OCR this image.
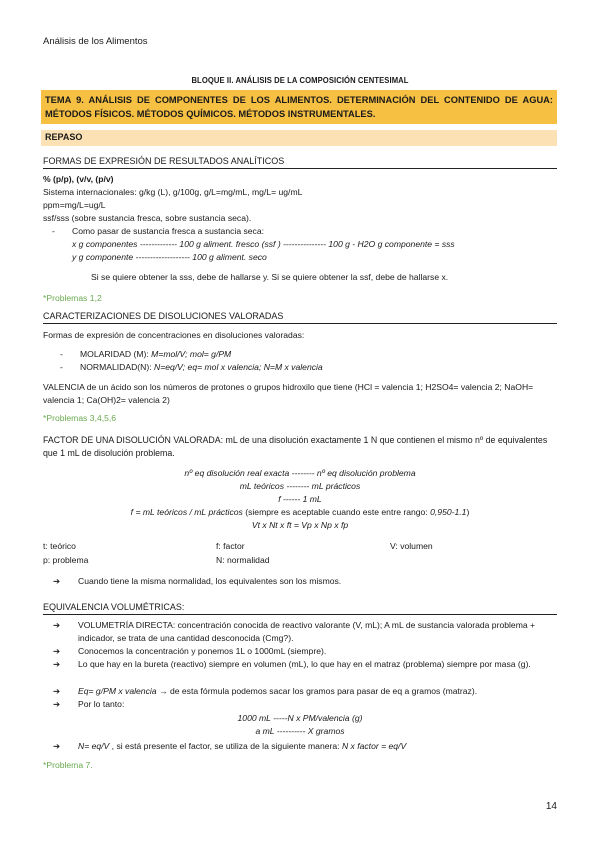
Análisis de los Alimentos
BLOQUE II. ANÁLISIS DE LA COMPOSICIÓN CENTESIMAL
TEMA 9. ANÁLISIS DE COMPONENTES DE LOS ALIMENTOS. DETERMINACIÓN DEL CONTENIDO DE AGUA: MÉTODOS FÍSICOS. MÉTODOS QUÍMICOS. MÉTODOS INSTRUMENTALES.
REPASO
FORMAS DE EXPRESIÓN DE RESULTADOS ANALÍTICOS
% (p/p), (v/v, (p/v)
Sistema internacionales: g/kg (L), g/100g, g/L=mg/mL, mg/L= ug/mL
ppm=mg/L=ug/L
ssf/sss (sobre sustancia fresca, sobre sustancia seca).
- Como pasar de sustancia fresca a sustancia seca:
x g componentes ------------- 100 g aliment. fresco (ssf ) --------------- 100 g - H2O g componente = sss
y g componente ------------------- 100 g aliment. seco
Si se quiere obtener la sss, debe de hallarse y. Si se quiere obtener la ssf, debe de hallarse x.
*Problemas 1,2
CARACTERIZACIONES DE DISOLUCIONES VALORADAS
Formas de expresión de concentraciones en disoluciones valoradas:
- MOLARIDAD (M): M=mol/V; mol= g/PM
- NORMALIDAD(N): N=eq/V; eq= mol x valencia; N=M x valencia
VALENCIA de un ácido son los números de protones o grupos hidroxilo que tiene (HCl = valencia 1; H2SO4= valencia 2; NaOH= valencia 1; Ca(OH)2= valencia 2)
*Problemas 3,4,5,6
FACTOR DE UNA DISOLUCIÓN VALORADA: mL de una disolución exactamente 1 N que contienen el mismo nº de equivalentes que 1 mL de disolución problema.
nº eq disolución real exacta -------- nº eq disolución problema
mL teóricos -------- mL prácticos
f ------ 1 mL
f = mL teóricos / mL prácticos (siempre es aceptable cuando este entre rango: 0,950-1.1)
Vt x Nt x ft = Vp x Np x fp
t: teórico	f: factor	V: volumen
p: problema	N: normalidad
➔	Cuando tiene la misma normalidad, los equivalentes son los mismos.
EQUIVALENCIA VOLUMÉTRICAS:
➔	VOLUMETRÍA DIRECTA: concentración conocida de reactivo valorante (V, mL); A mL de sustancia valorada problema + indicador, se trata de una cantidad desconocida (Cmg?).
➔	Conocemos la concentración y ponemos 1L o 1000mL (siempre).
➔	Lo que hay en la bureta (reactivo) siempre en volumen (mL), lo que hay en el matraz (problema) siempre por masa (g).
➔	Eq= g/PM x valencia → de esta fórmula podemos sacar los gramos para pasar de eq a gramos (matraz).
➔	Por lo tanto:
1000 mL -----N x PM/valencia (g)
a mL ---------- X gramos
➔	N= eq/V , si está presente el factor, se utiliza de la siguiente manera: N x factor = eq/V
*Problema 7.
14
